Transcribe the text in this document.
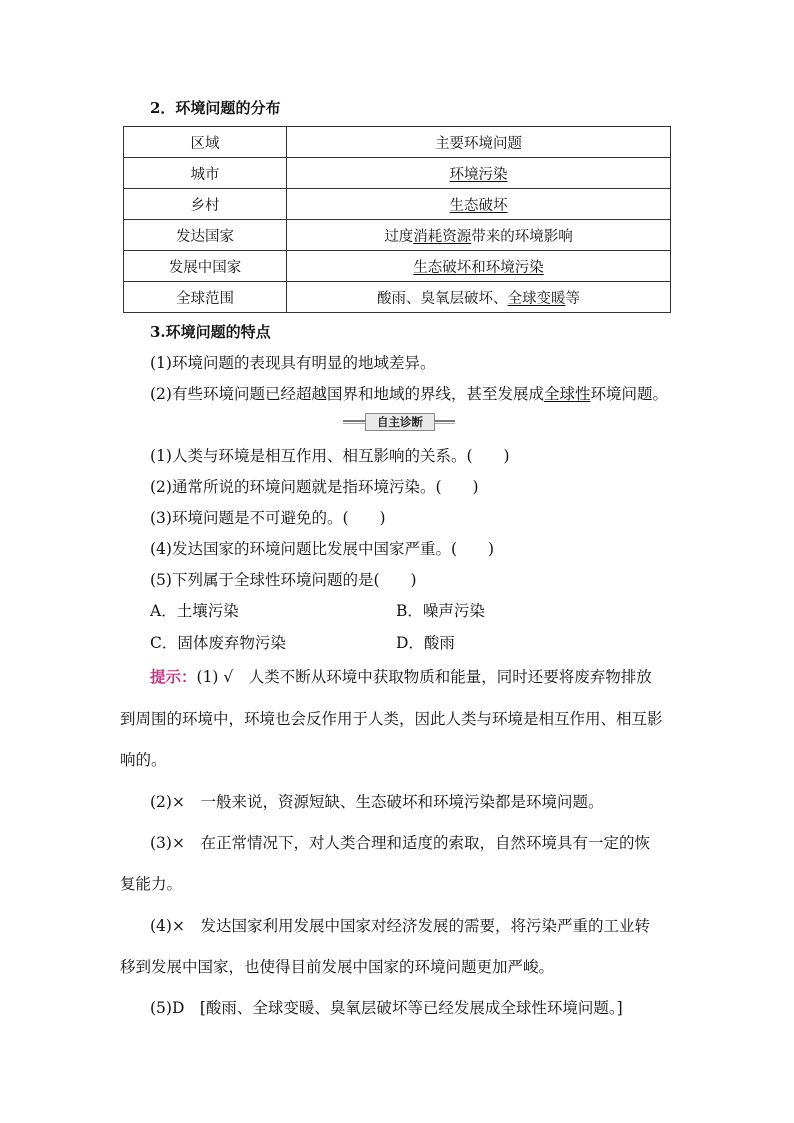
2．环境问题的分布
区域	主要环境问题
城市	环境污染
乡村	生态破坏
发达国家	过度消耗资源带来的环境影响
发展中国家	生态破坏和环境污染
全球范围	酸雨、臭氧层破坏、全球变暖等
3.环境问题的特点
(1)环境问题的表现具有明显的地域差异。
(2)有些环境问题已经超越国界和地域的界线，甚至发展成全球性环境问题。
自主诊断
(1)人类与环境是相互作用、相互影响的关系。(　　)
(2)通常所说的环境问题就是指环境污染。(　　)
(3)环境问题是不可避免的。(　　)
(4)发达国家的环境问题比发展中国家严重。(　　)
(5)下列属于全球性环境问题的是(　　)
A．土壤污染	B．噪声污染
C．固体废弃物污染	D．酸雨
提示：(1) √　人类不断从环境中获取物质和能量，同时还要将废弃物排放
到周围的环境中，环境也会反作用于人类，因此人类与环境是相互作用、相互影
响的。
(2)×　一般来说，资源短缺、生态破坏和环境污染都是环境问题。
(3)×　在正常情况下，对人类合理和适度的索取，自然环境具有一定的恢
复能力。
(4)×　发达国家利用发展中国家对经济发展的需要，将污染严重的工业转
移到发展中国家，也使得目前发展中国家的环境问题更加严峻。
(5)D　[酸雨、全球变暖、臭氧层破坏等已经发展成全球性环境问题。]
